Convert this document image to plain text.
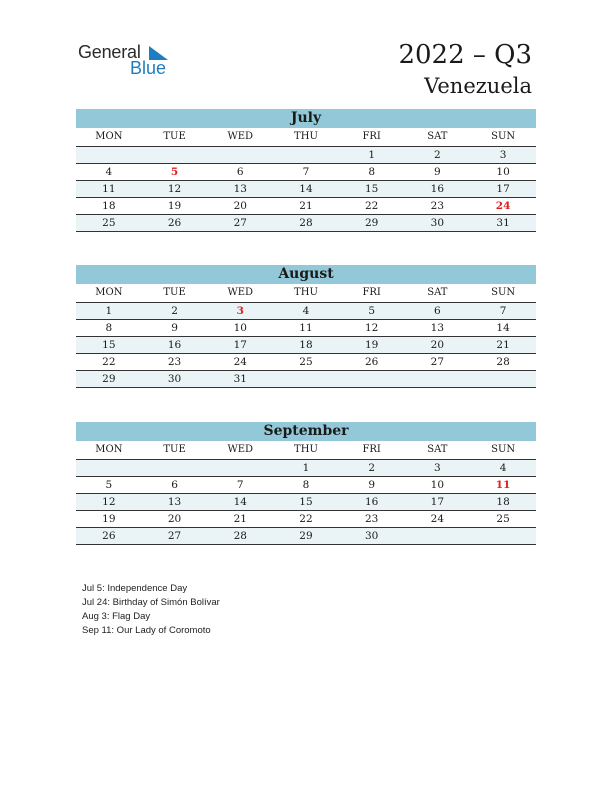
General
Blue	2022 – Q3
Venezuela
July
MON	TUE	WED	THU	FRI	SAT	SUN
				1	2	3
4	5	6	7	8	9	10
11	12	13	14	15	16	17
18	19	20	21	22	23	24
25	26	27	28	29	30	31
August
MON	TUE	WED	THU	FRI	SAT	SUN
1	2	3	4	5	6	7
8	9	10	11	12	13	14
15	16	17	18	19	20	21
22	23	24	25	26	27	28
29	30	31				
September
MON	TUE	WED	THU	FRI	SAT	SUN
			1	2	3	4
5	6	7	8	9	10	11
12	13	14	15	16	17	18
19	20	21	22	23	24	25
26	27	28	29	30		
Jul 5: Independence Day
Jul 24: Birthday of Simón Bolívar
Aug 3: Flag Day
Sep 11: Our Lady of Coromoto
